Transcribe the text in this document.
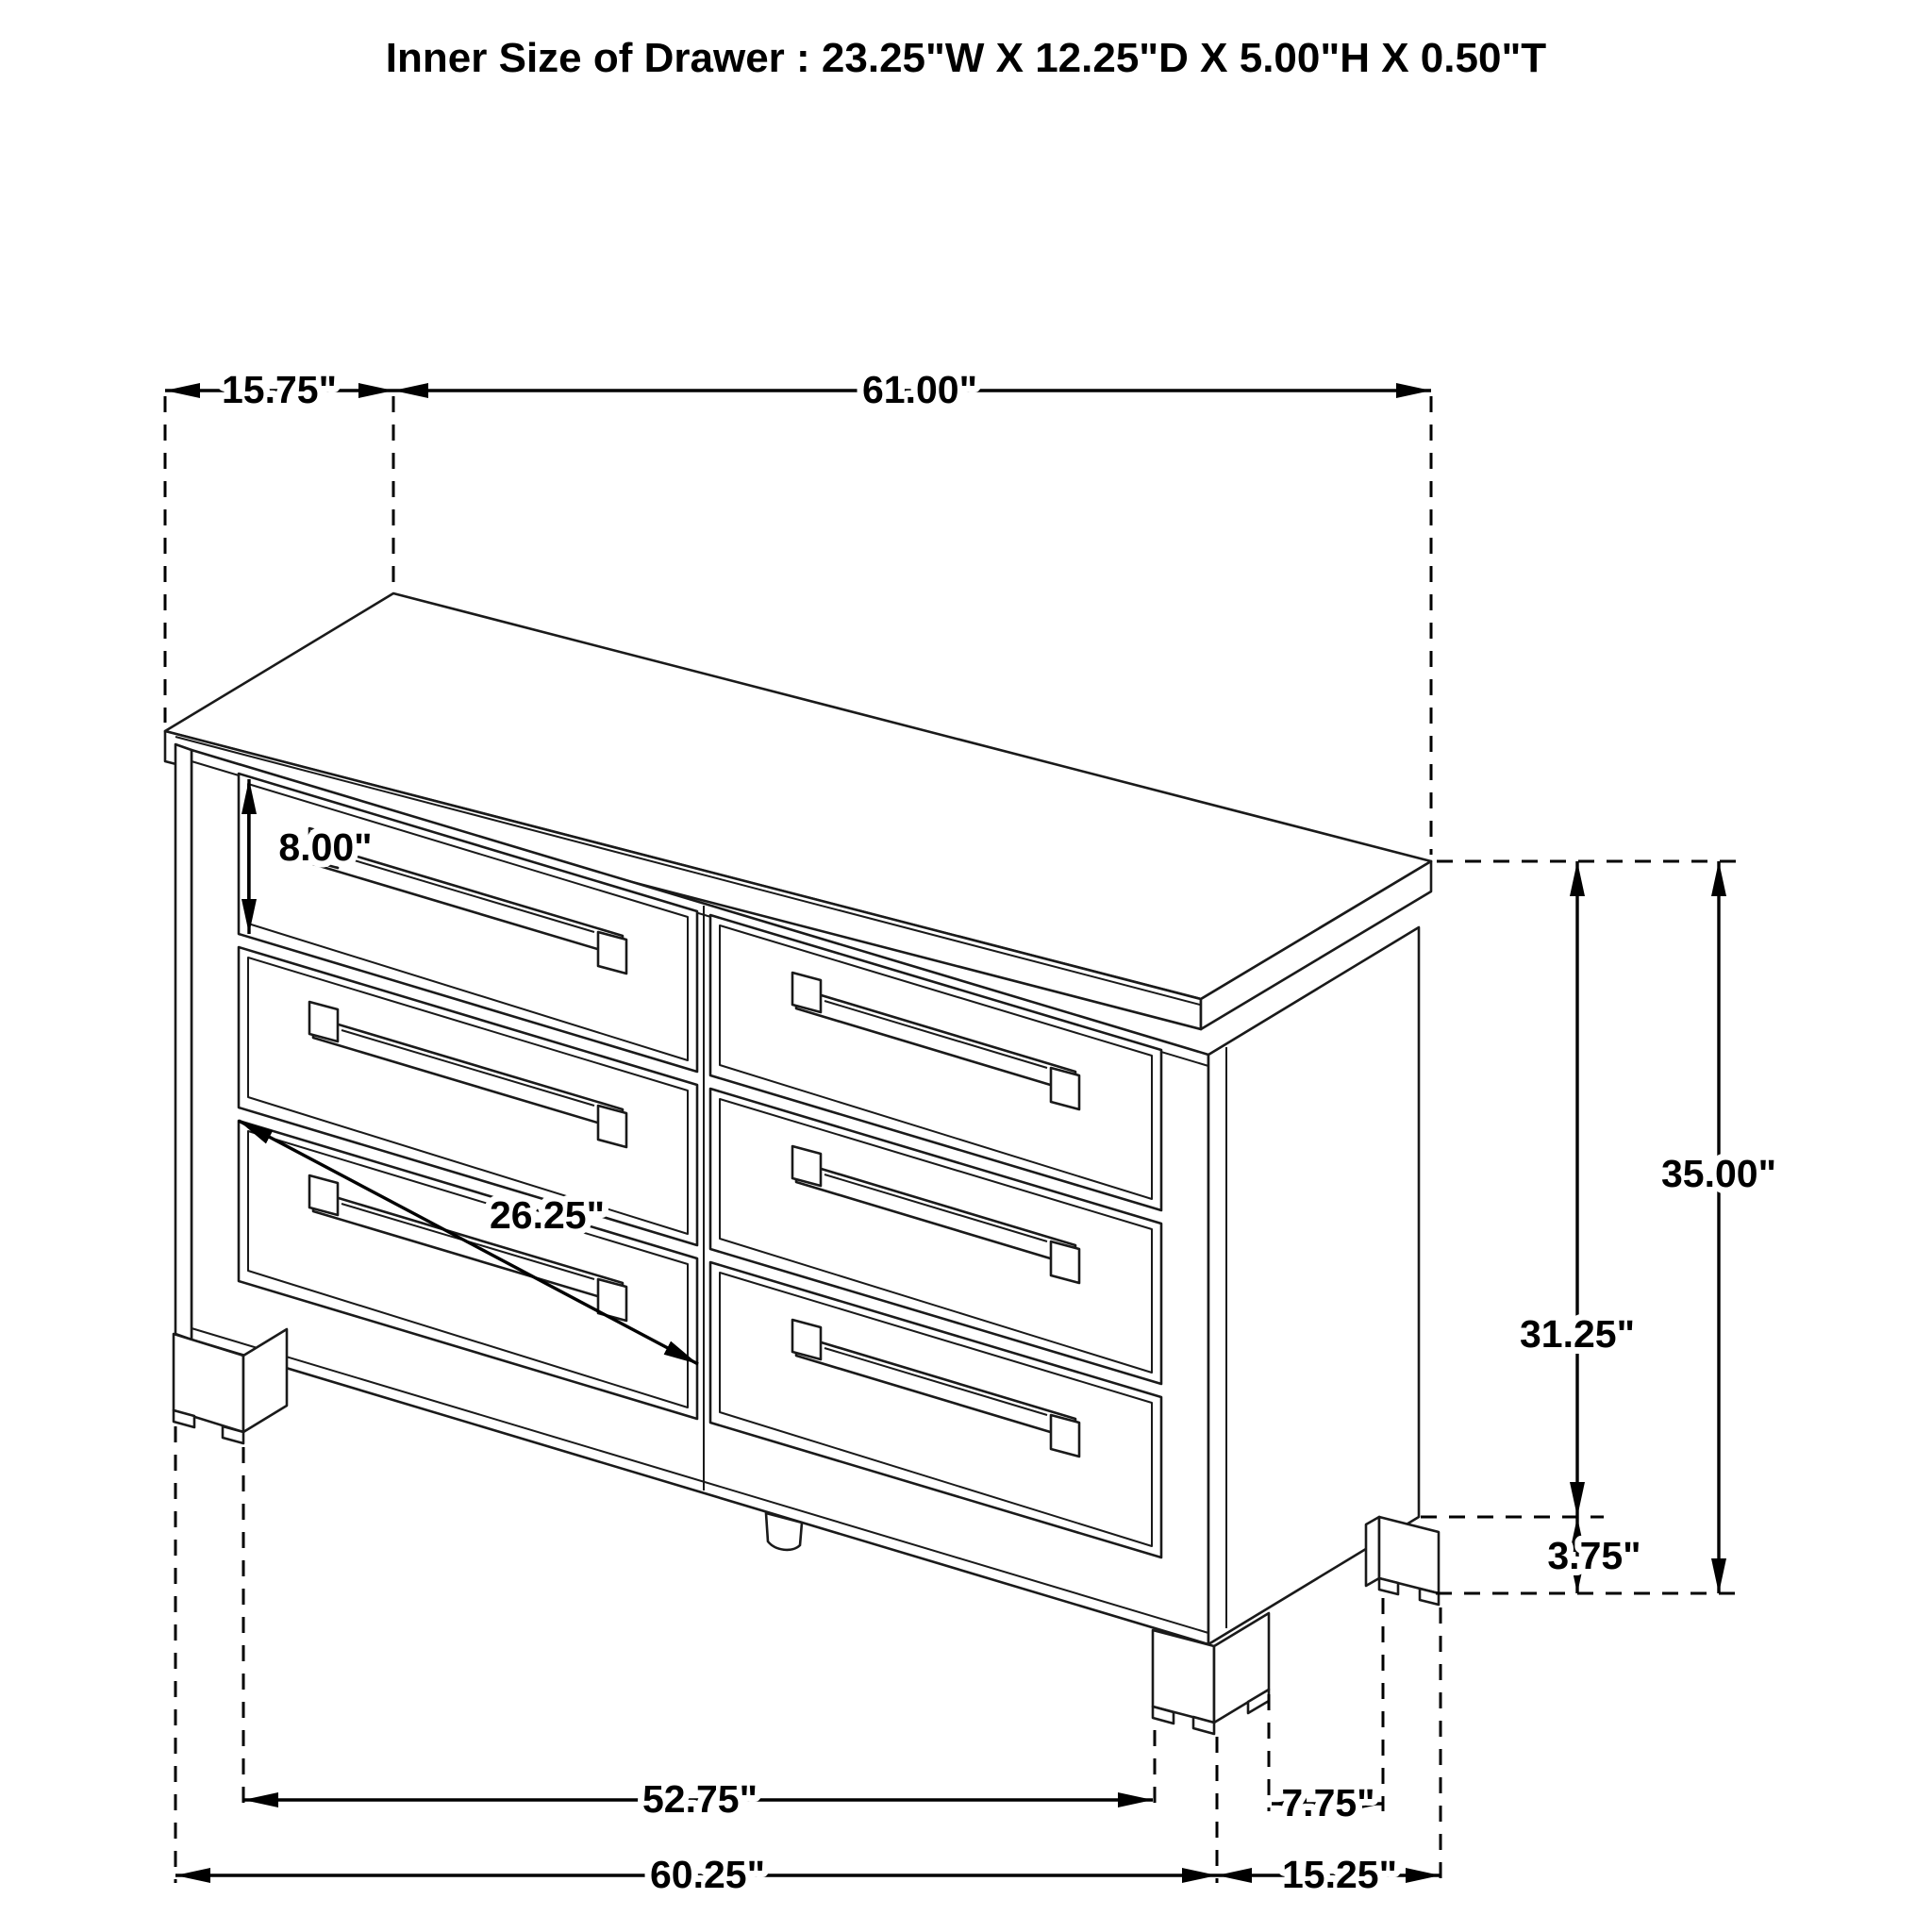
Inner Size of Drawer : 23.25"W X 12.25"D X 5.00"H X 0.50"T
15.75"	61.00"
8.00"
26.25"
31.25"
3.75"
35.00"
52.75"	7.75"
60.25"	15.25"
